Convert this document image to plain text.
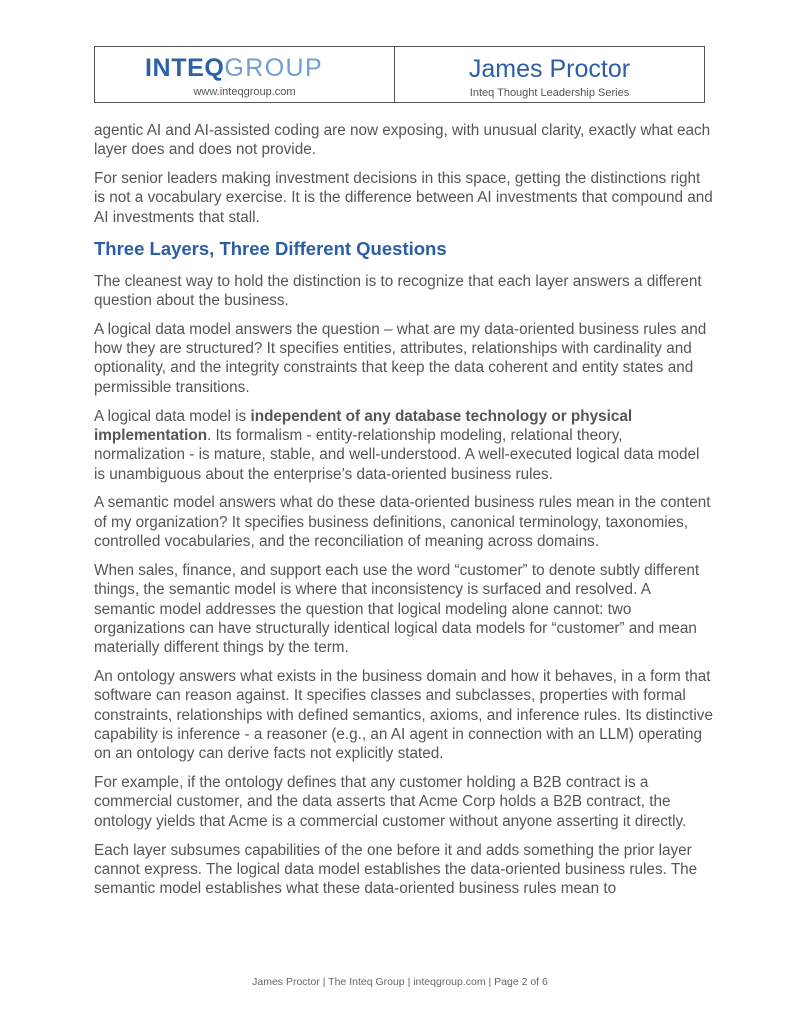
INTEQGROUP
www.inteqgroup.com
James Proctor
Inteq Thought Leadership Series

agentic AI and AI-assisted coding are now exposing, with unusual clarity, exactly what each layer does and does not provide.

For senior leaders making investment decisions in this space, getting the distinctions right is not a vocabulary exercise. It is the difference between AI investments that compound and AI investments that stall.

Three Layers, Three Different Questions

The cleanest way to hold the distinction is to recognize that each layer answers a different question about the business.

A logical data model answers the question – what are my data-oriented business rules and how they are structured? It specifies entities, attributes, relationships with cardinality and optionality, and the integrity constraints that keep the data coherent and entity states and permissible transitions.

A logical data model is independent of any database technology or physical implementation. Its formalism - entity-relationship modeling, relational theory, normalization - is mature, stable, and well-understood. A well-executed logical data model is unambiguous about the enterprise’s data-oriented business rules.

A semantic model answers what do these data-oriented business rules mean in the content of my organization? It specifies business definitions, canonical terminology, taxonomies, controlled vocabularies, and the reconciliation of meaning across domains.

When sales, finance, and support each use the word “customer” to denote subtly different things, the semantic model is where that inconsistency is surfaced and resolved. A semantic model addresses the question that logical modeling alone cannot: two organizations can have structurally identical logical data models for “customer” and mean materially different things by the term.

An ontology answers what exists in the business domain and how it behaves, in a form that software can reason against. It specifies classes and subclasses, properties with formal constraints, relationships with defined semantics, axioms, and inference rules. Its distinctive capability is inference - a reasoner (e.g., an AI agent in connection with an LLM) operating on an ontology can derive facts not explicitly stated.

For example, if the ontology defines that any customer holding a B2B contract is a commercial customer, and the data asserts that Acme Corp holds a B2B contract, the ontology yields that Acme is a commercial customer without anyone asserting it directly.

Each layer subsumes capabilities of the one before it and adds something the prior layer cannot express. The logical data model establishes the data-oriented business rules. The semantic model establishes what these data-oriented business rules mean to

James Proctor | The Inteq Group | inteqgroup.com | Page 2 of 6
